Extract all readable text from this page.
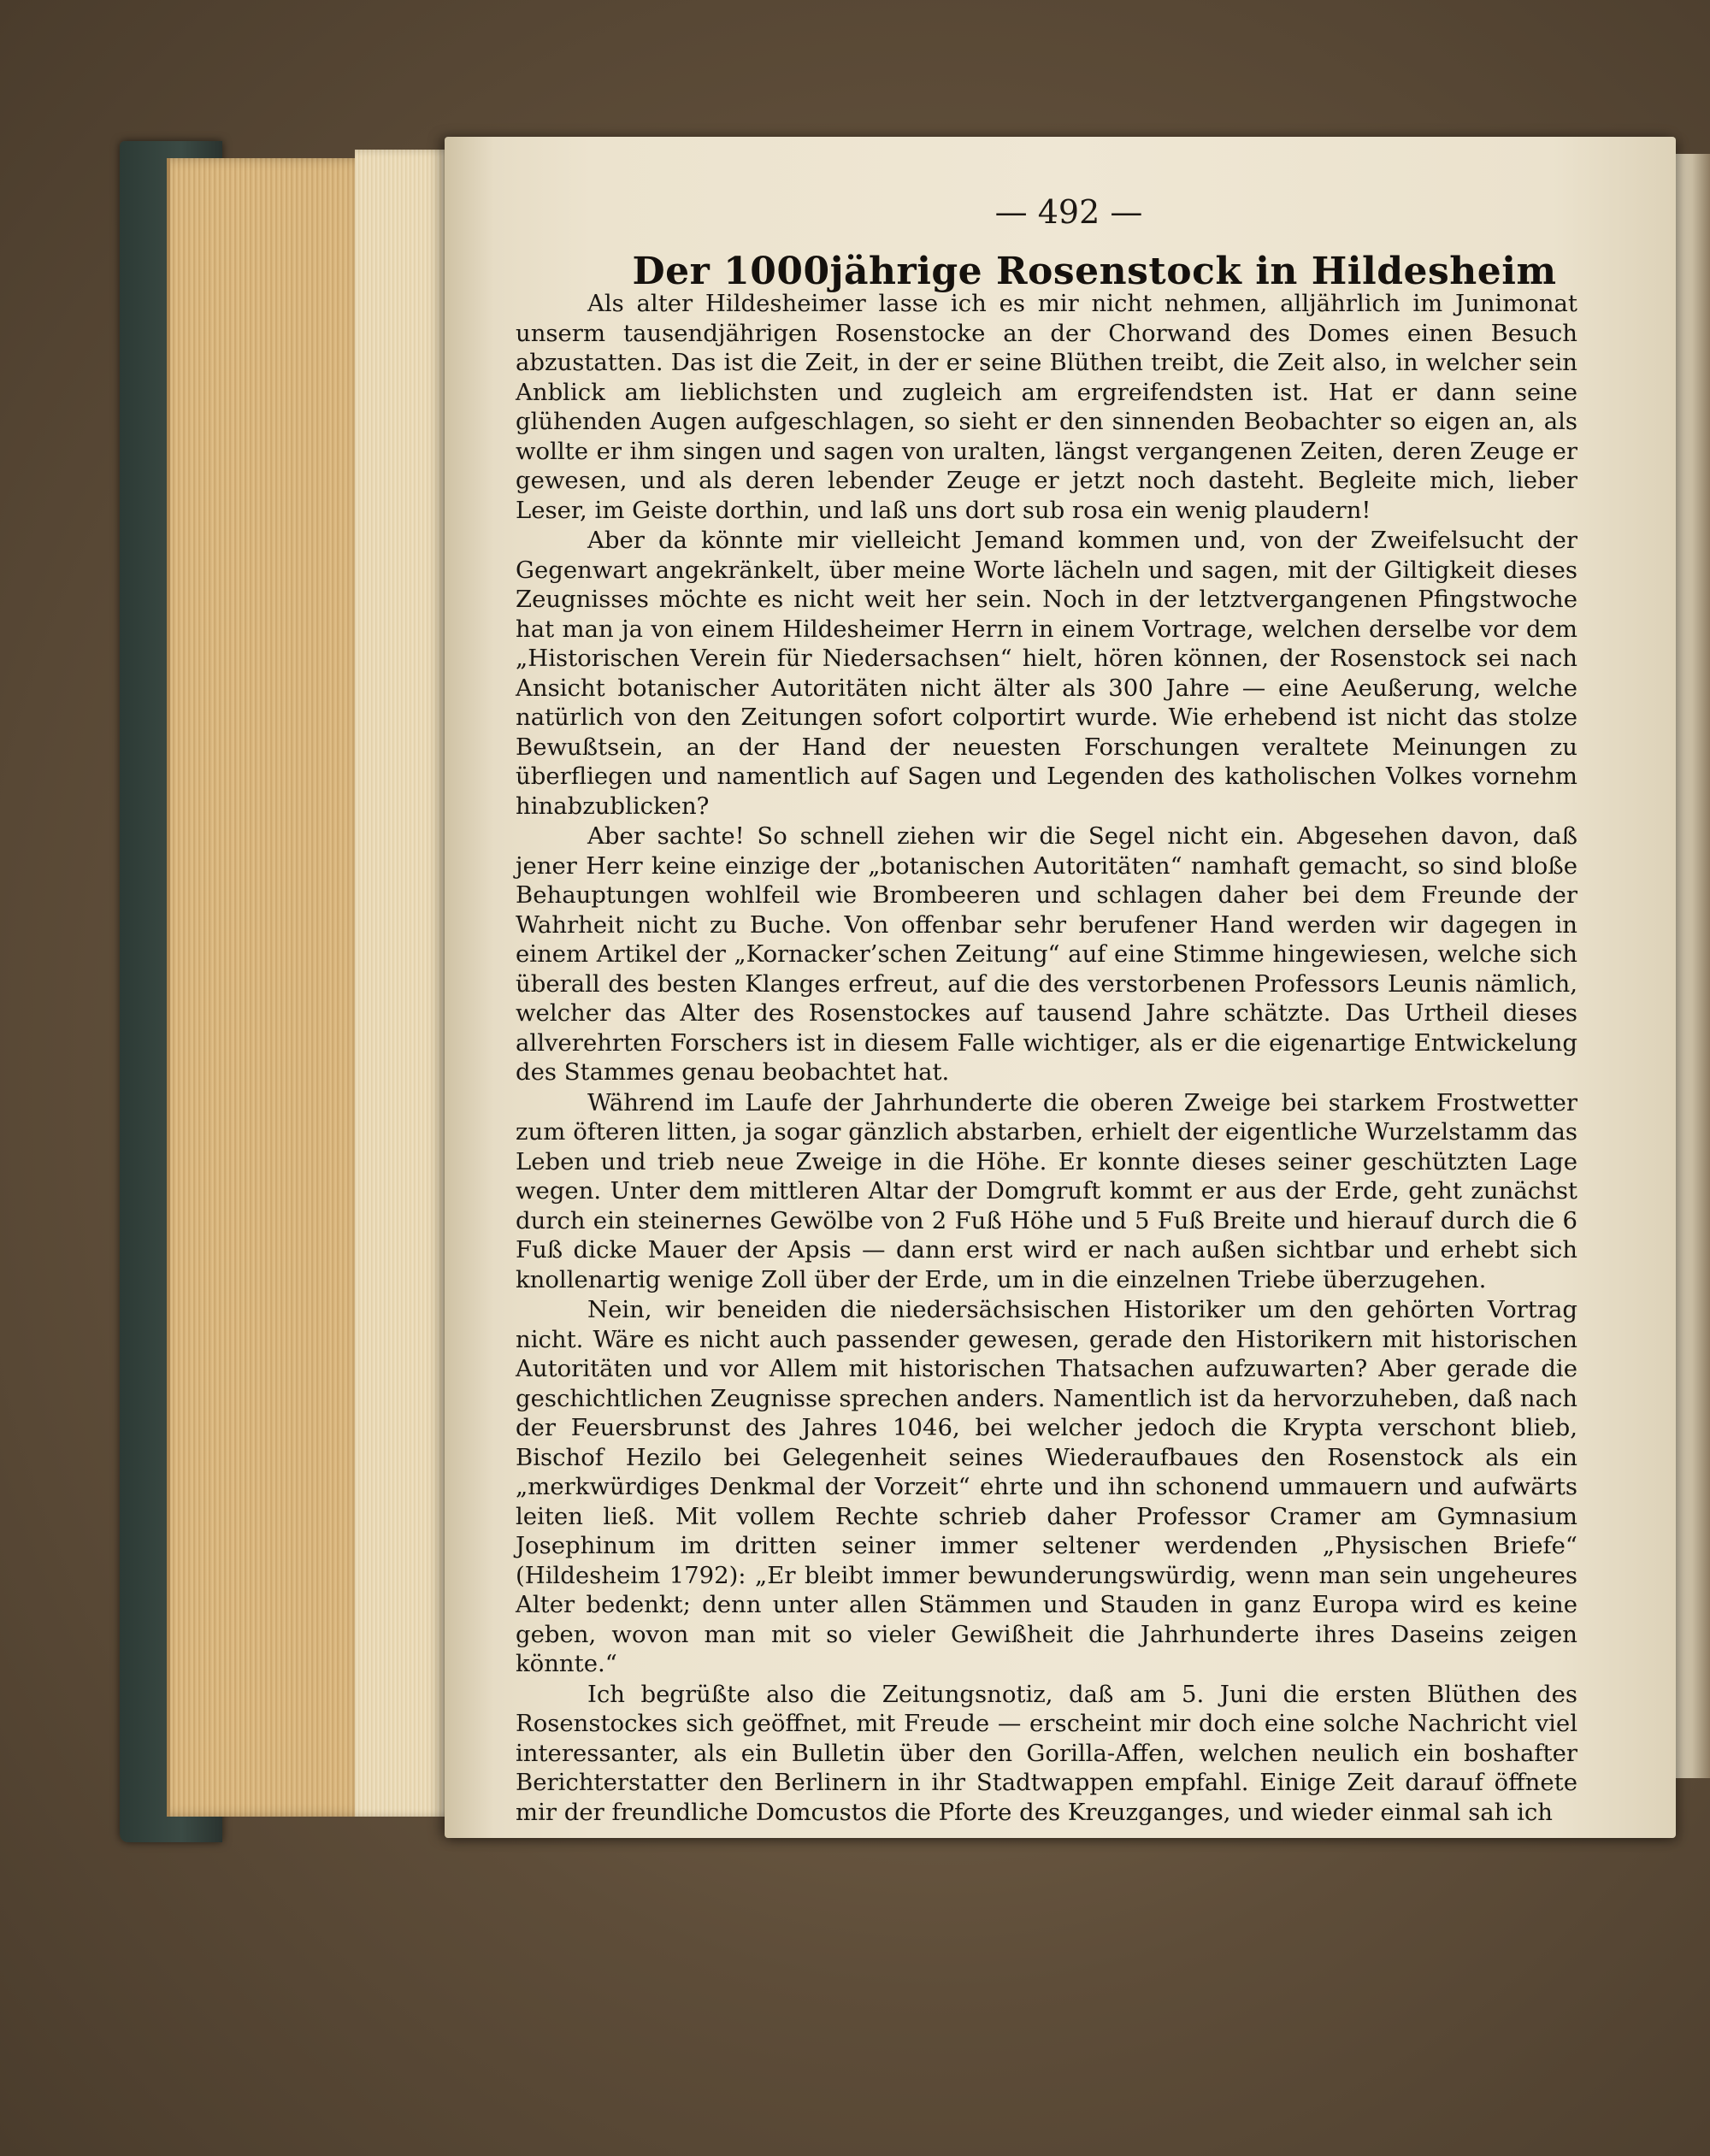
— 492 —
Der 1000jährige Rosenstock in Hildesheim

Als alter Hildesheimer lasse ich es mir nicht nehmen, alljährlich im Junimonat unserm tausendjährigen Rosenstocke an der Chorwand des Domes einen Besuch abzustatten. Das ist die Zeit, in der er seine Blüthen treibt, die Zeit also, in welcher sein Anblick am lieblichsten und zugleich am ergreifendsten ist. Hat er dann seine glühenden Augen aufgeschlagen, so sieht er den sinnenden Beobachter so eigen an, als wollte er ihm singen und sagen von uralten, längst vergangenen Zeiten, deren Zeuge er gewesen, und als deren lebender Zeuge er jetzt noch dasteht. Begleite mich, lieber Leser, im Geiste dorthin, und laß uns dort sub rosa ein wenig plaudern!

Aber da könnte mir vielleicht Jemand kommen und, von der Zweifelsucht der Gegenwart angekränkelt, über meine Worte lächeln und sagen, mit der Giltigkeit dieses Zeugnisses möchte es nicht weit her sein. Noch in der letztvergangenen Pfingstwoche hat man ja von einem Hildesheimer Herrn in einem Vortrage, welchen derselbe vor dem „Historischen Verein für Niedersachsen“ hielt, hören können, der Rosenstock sei nach Ansicht botanischer Autoritäten nicht älter als 300 Jahre — eine Aeußerung, welche natürlich von den Zeitungen sofort colportirt wurde. Wie erhebend ist nicht das stolze Bewußtsein, an der Hand der neuesten Forschungen veraltete Meinungen zu überfliegen und namentlich auf Sagen und Legenden des katholischen Volkes vornehm hinabzublicken?

Aber sachte! So schnell ziehen wir die Segel nicht ein. Abgesehen davon, daß jener Herr keine einzige der „botanischen Autoritäten“ namhaft gemacht, so sind bloße Behauptungen wohlfeil wie Brombeeren und schlagen daher bei dem Freunde der Wahrheit nicht zu Buche. Von offenbar sehr berufener Hand werden wir dagegen in einem Artikel der „Kornacker’schen Zeitung“ auf eine Stimme hingewiesen, welche sich überall des besten Klanges erfreut, auf die des verstorbenen Professors Leunis nämlich, welcher das Alter des Rosenstockes auf tausend Jahre schätzte. Das Urtheil dieses allverehrten Forschers ist in diesem Falle wichtiger, als er die eigenartige Entwickelung des Stammes genau beobachtet hat.

Während im Laufe der Jahrhunderte die oberen Zweige bei starkem Frostwetter zum öfteren litten, ja sogar gänzlich abstarben, erhielt der eigentliche Wurzelstamm das Leben und trieb neue Zweige in die Höhe. Er konnte dieses seiner geschützten Lage wegen. Unter dem mittleren Altar der Domgruft kommt er aus der Erde, geht zunächst durch ein steinernes Gewölbe von 2 Fuß Höhe und 5 Fuß Breite und hierauf durch die 6 Fuß dicke Mauer der Apsis — dann erst wird er nach außen sichtbar und erhebt sich knollenartig wenige Zoll über der Erde, um in die einzelnen Triebe überzugehen.

Nein, wir beneiden die niedersächsischen Historiker um den gehörten Vortrag nicht. Wäre es nicht auch passender gewesen, gerade den Historikern mit historischen Autoritäten und vor Allem mit historischen Thatsachen aufzuwarten? Aber gerade die geschichtlichen Zeugnisse sprechen anders. Namentlich ist da hervorzuheben, daß nach der Feuersbrunst des Jahres 1046, bei welcher jedoch die Krypta verschont blieb, Bischof Hezilo bei Gelegenheit seines Wiederaufbaues den Rosenstock als ein „merkwürdiges Denkmal der Vorzeit“ ehrte und ihn schonend ummauern und aufwärts leiten ließ. Mit vollem Rechte schrieb daher Professor Cramer am Gymnasium Josephinum im dritten seiner immer seltener werdenden „Physischen Briefe“ (Hildesheim 1792): „Er bleibt immer bewunderungswürdig, wenn man sein ungeheures Alter bedenkt; denn unter allen Stämmen und Stauden in ganz Europa wird es keine geben, wovon man mit so vieler Gewißheit die Jahrhunderte ihres Daseins zeigen könnte.“

Ich begrüßte also die Zeitungsnotiz, daß am 5. Juni die ersten Blüthen des Rosenstockes sich geöffnet, mit Freude — erscheint mir doch eine solche Nachricht viel interessanter, als ein Bulletin über den Gorilla-Affen, welchen neulich ein boshafter Berichterstatter den Berlinern in ihr Stadtwappen empfahl. Einige Zeit darauf öffnete mir der freundliche Domcustos die Pforte des Kreuzganges, und wieder einmal sah ich
